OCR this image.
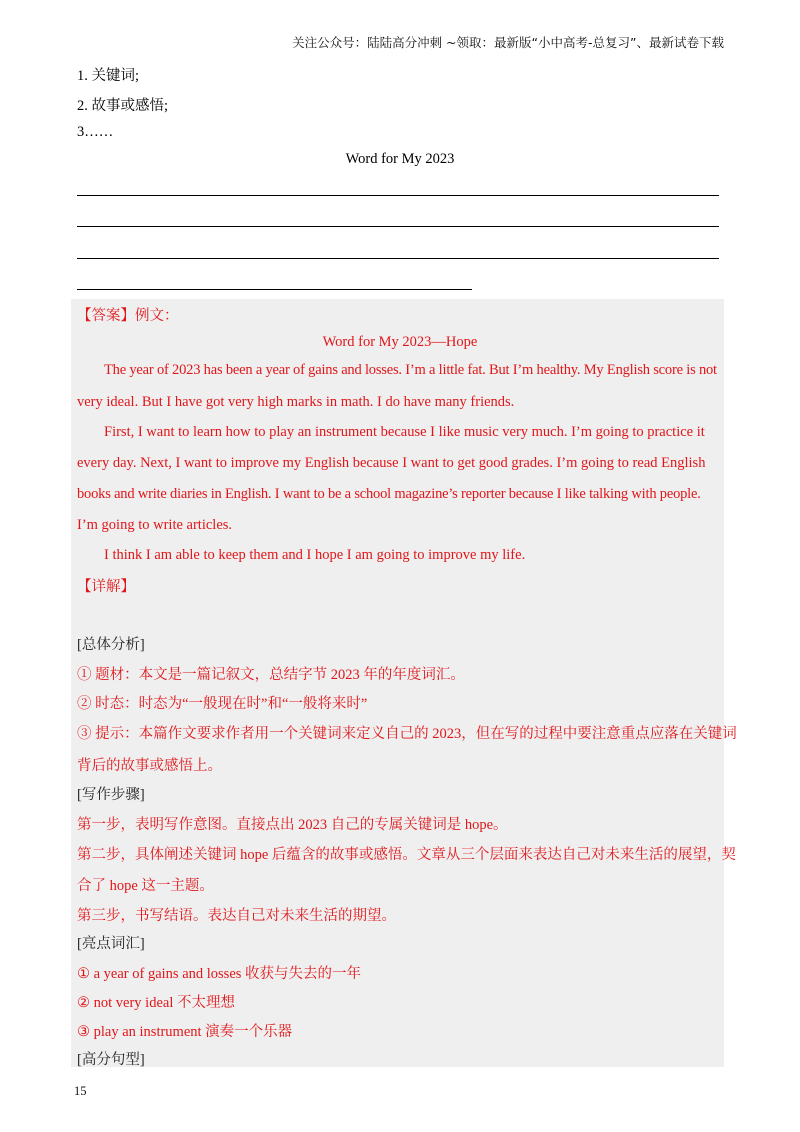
关注公众号：陆陆高分冲刺 ~领取：最新版“小中高考-总复习”、最新试卷下载
1. 关键词;
2. 故事或感悟;
3……
Word for My 2023
【答案】例文：
Word for My 2023—Hope
The year of 2023 has been a year of gains and losses. I’m a little fat. But I’m healthy. My English score is not
very ideal. But I have got very high marks in math. I do have many friends.
First, I want to learn how to play an instrument because I like music very much. I’m going to practice it
every day. Next, I want to improve my English because I want to get good grades. I’m going to read English
books and write diaries in English. I want to be a school magazine’s reporter because I like talking with people.
I’m going to write articles.
I think I am able to keep them and I hope I am going to improve my life.
【详解】
[总体分析]
① 题材：本文是一篇记叙文，总结字节 2023 年的年度词汇。
② 时态：时态为“一般现在时”和“一般将来时”
③ 提示：本篇作文要求作者用一个关键词来定义自己的 2023，但在写的过程中要注意重点应落在关键词
背后的故事或感悟上。
[写作步骤]
第一步，表明写作意图。直接点出 2023 自己的专属关键词是 hope。
第二步，具体阐述关键词 hope 后蕴含的故事或感悟。文章从三个层面来表达自己对未来生活的展望，契
合了 hope 这一主题。
第三步，书写结语。表达自己对未来生活的期望。
[亮点词汇]
① a year of gains and losses 收获与失去的一年
② not very ideal 不太理想
③ play an instrument 演奏一个乐器
[高分句型]
15
